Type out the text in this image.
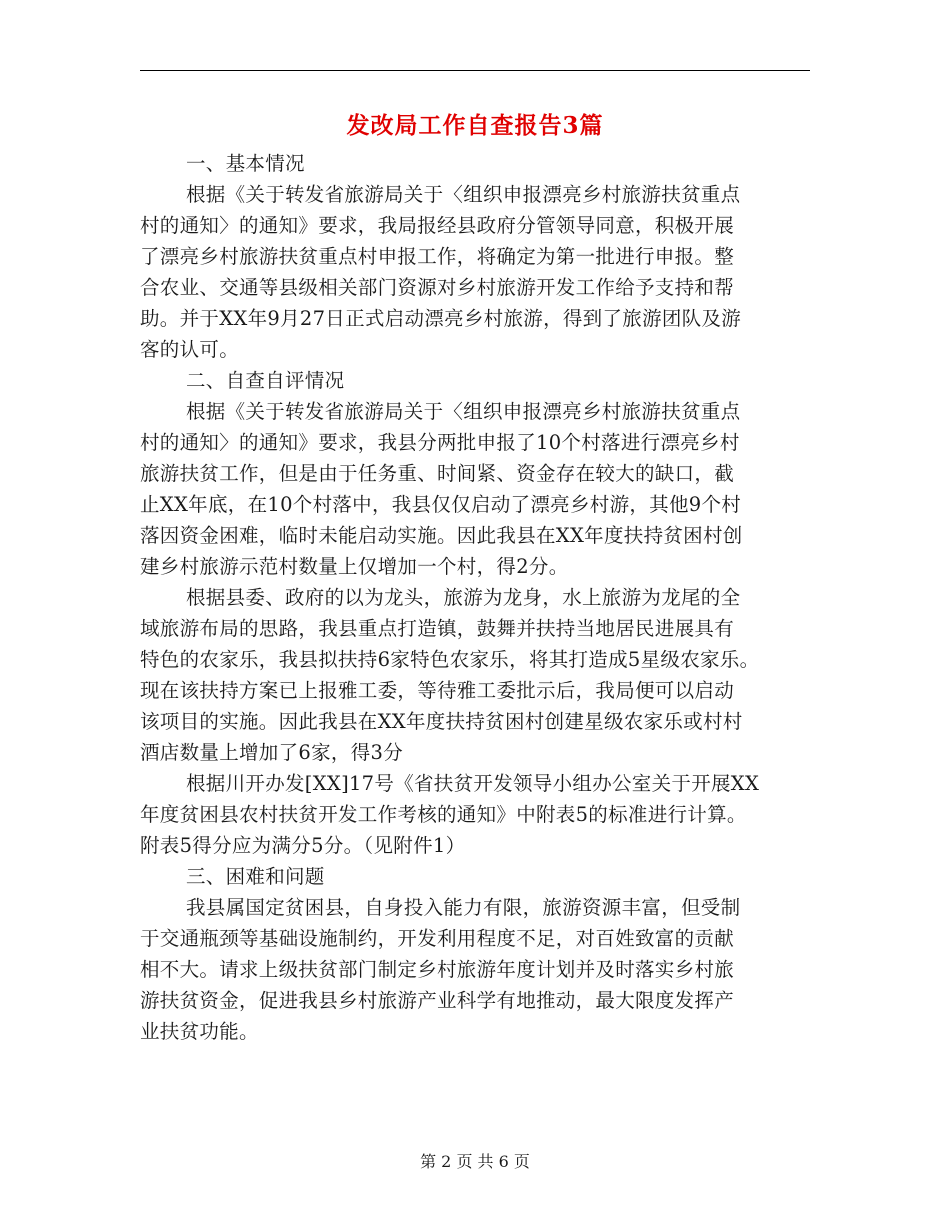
发改局工作自查报告3篇
一、基本情况
根据《关于转发省旅游局关于〈组织申报漂亮乡村旅游扶贫重点
村的通知〉的通知》要求，我局报经县政府分管领导同意，积极开展
了漂亮乡村旅游扶贫重点村申报工作，将确定为第一批进行申报。整
合农业、交通等县级相关部门资源对乡村旅游开发工作给予支持和帮
助。并于XX年9月27日正式启动漂亮乡村旅游，得到了旅游团队及游
客的认可。
二、自查自评情况
根据《关于转发省旅游局关于〈组织申报漂亮乡村旅游扶贫重点
村的通知〉的通知》要求，我县分两批申报了10个村落进行漂亮乡村
旅游扶贫工作，但是由于任务重、时间紧、资金存在较大的缺口，截
止XX年底，在10个村落中，我县仅仅启动了漂亮乡村游，其他9个村
落因资金困难，临时未能启动实施。因此我县在XX年度扶持贫困村创
建乡村旅游示范村数量上仅增加一个村，得2分。
根据县委、政府的以为龙头，旅游为龙身，水上旅游为龙尾的全
域旅游布局的思路，我县重点打造镇，鼓舞并扶持当地居民进展具有
特色的农家乐，我县拟扶持6家特色农家乐，将其打造成5星级农家乐。
现在该扶持方案已上报雅工委，等待雅工委批示后，我局便可以启动
该项目的实施。因此我县在XX年度扶持贫困村创建星级农家乐或村村
酒店数量上增加了6家，得3分
根据川开办发[XX]17号《省扶贫开发领导小组办公室关于开展XX
年度贫困县农村扶贫开发工作考核的通知》中附表5的标准进行计算。
附表5得分应为满分5分。（见附件1）
三、困难和问题
我县属国定贫困县，自身投入能力有限，旅游资源丰富，但受制
于交通瓶颈等基础设施制约，开发利用程度不足，对百姓致富的贡献
相不大。请求上级扶贫部门制定乡村旅游年度计划并及时落实乡村旅
游扶贫资金，促进我县乡村旅游产业科学有地推动，最大限度发挥产
业扶贫功能。
第 2 页 共 6 页
